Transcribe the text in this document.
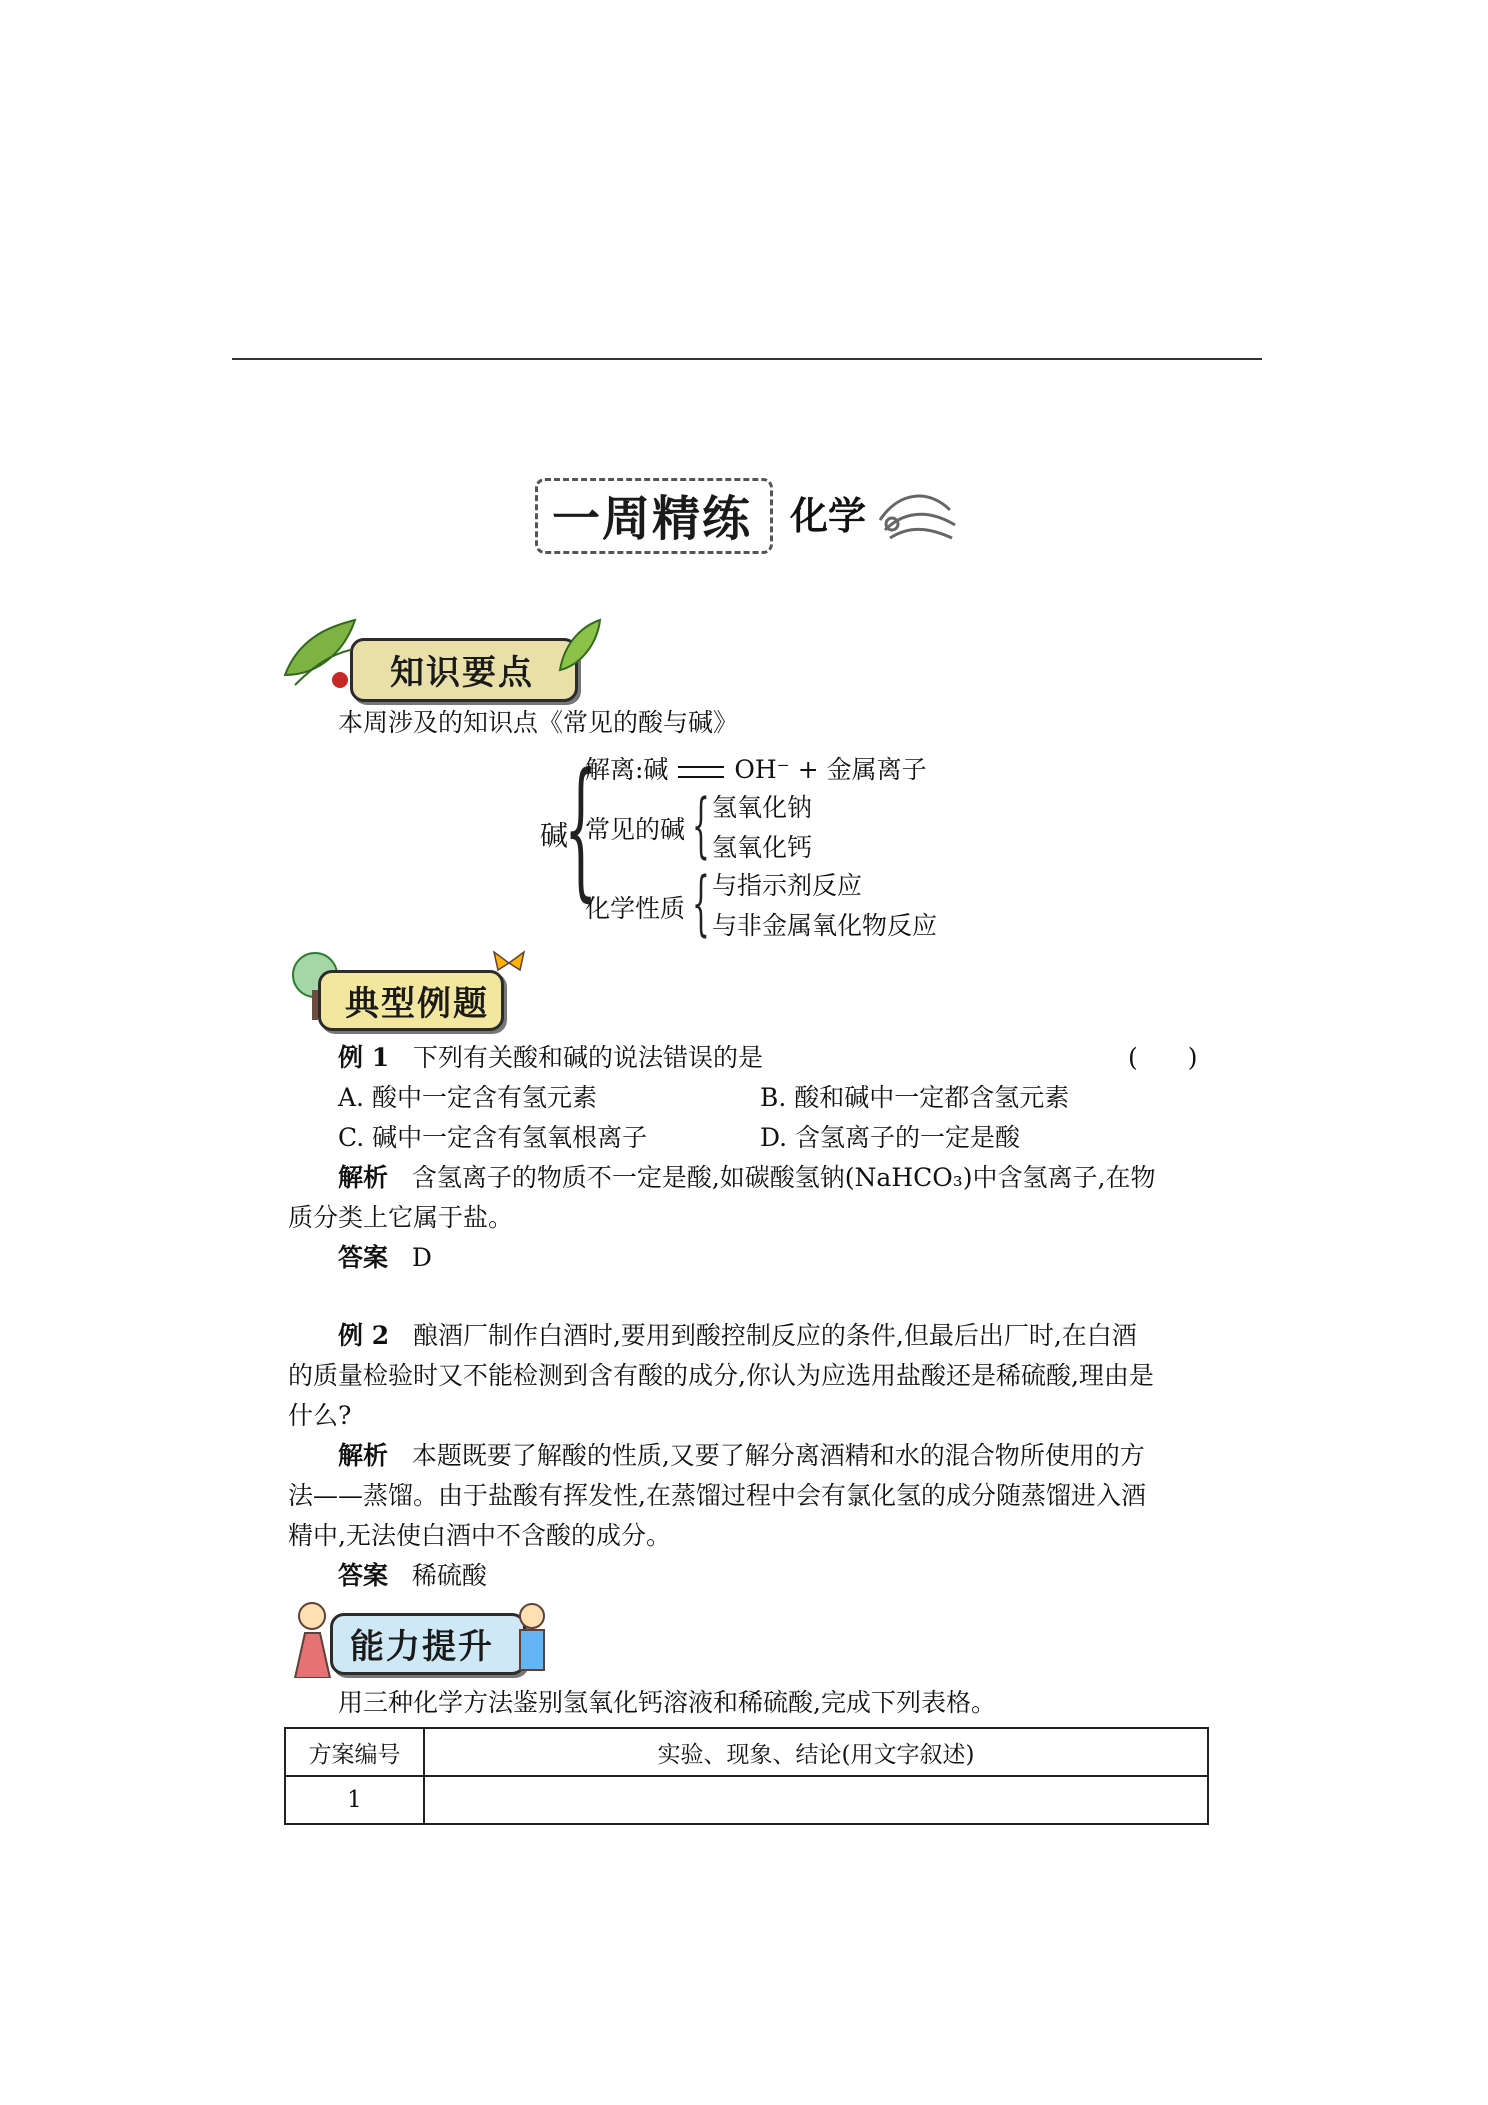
一周精练 化学
知识要点
本周涉及的知识点《常见的酸与碱》
碱
{
解离:碱	OH⁻ + 金属离子
常见的碱 { 氢氧化钠
氢氧化钙
化学性质 { 与指示剂反应
与非金属氧化物反应
典型例题
例 1 下列有关酸和碱的说法错误的是	(　　)
A. 酸中一定含有氢元素	B. 酸和碱中一定都含氢元素
C. 碱中一定含有氢氧根离子	D. 含氢离子的一定是酸
解析 含氢离子的物质不一定是酸,如碳酸氢钠(NaHCO₃)中含氢离子,在物
质分类上它属于盐。
答案 D
例 2 酿酒厂制作白酒时,要用到酸控制反应的条件,但最后出厂时,在白酒
的质量检验时又不能检测到含有酸的成分,你认为应选用盐酸还是稀硫酸,理由是
什么?
解析 本题既要了解酸的性质,又要了解分离酒精和水的混合物所使用的方
法——蒸馏。由于盐酸有挥发性,在蒸馏过程中会有氯化氢的成分随蒸馏进入酒
精中,无法使白酒中不含酸的成分。
答案 稀硫酸
能力提升
用三种化学方法鉴别氢氧化钙溶液和稀硫酸,完成下列表格。
方案编号	实验、现象、结论(用文字叙述)
1	
